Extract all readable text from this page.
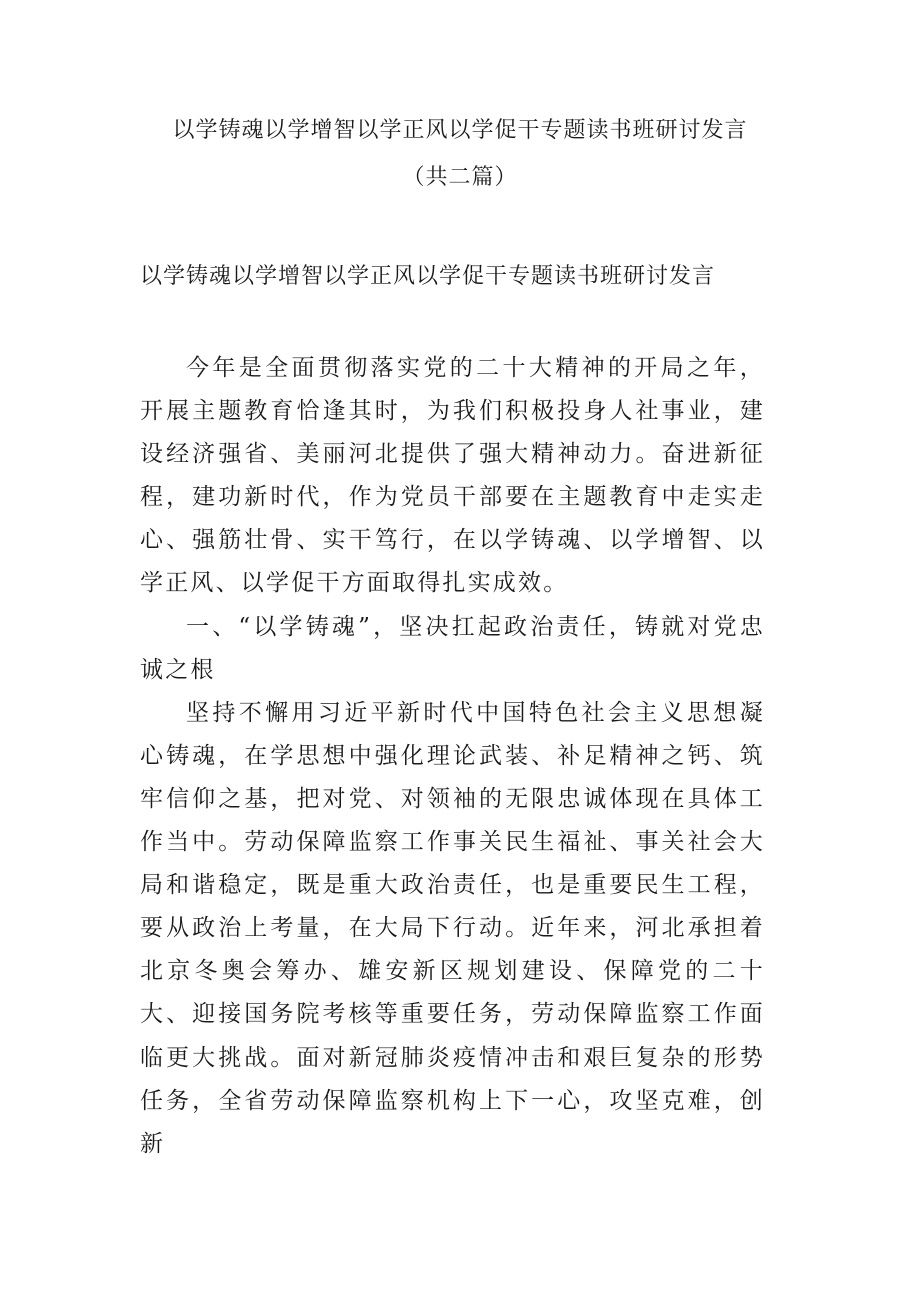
以学铸魂以学增智以学正风以学促干专题读书班研讨发言
（共二篇）
以学铸魂以学增智以学正风以学促干专题读书班研讨发言

今年是全面贯彻落实党的二十大精神的开局之年，开展主题教育恰逢其时，为我们积极投身人社事业，建设经济强省、美丽河北提供了强大精神动力。奋进新征程，建功新时代，作为党员干部要在主题教育中走实走心、强筋壮骨、实干笃行，在以学铸魂、以学增智、以学正风、以学促干方面取得扎实成效。

一、“以学铸魂”，坚决扛起政治责任，铸就对党忠诚之根

坚持不懈用习近平新时代中国特色社会主义思想凝心铸魂，在学思想中强化理论武装、补足精神之钙、筑牢信仰之基，把对党、对领袖的无限忠诚体现在具体工作当中。劳动保障监察工作事关民生福祉、事关社会大局和谐稳定，既是重大政治责任，也是重要民生工程，要从政治上考量，在大局下行动。近年来，河北承担着北京冬奥会筹办、雄安新区规划建设、保障党的二十大、迎接国务院考核等重要任务，劳动保障监察工作面临更大挑战。面对新冠肺炎疫情冲击和艰巨复杂的形势任务，全省劳动保障监察机构上下一心，攻坚克难，创新
